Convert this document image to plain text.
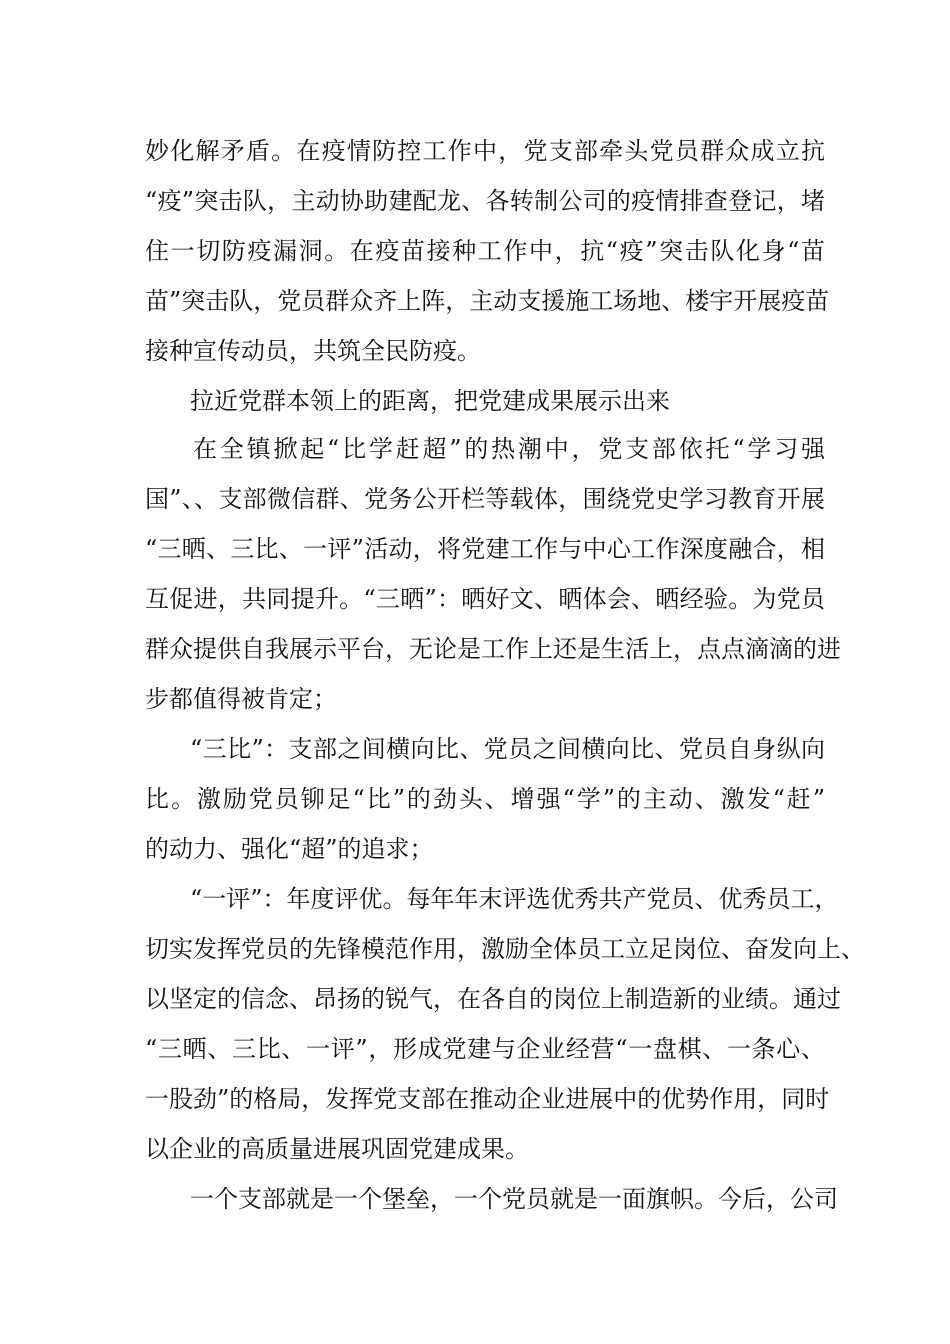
妙化解矛盾。在疫情防控工作中，党支部牵头党员群众成立抗
“疫”突击队，主动协助建配龙、各转制公司的疫情排查登记，堵
住一切防疫漏洞。在疫苗接种工作中，抗“疫”突击队化身“苗
苗”突击队，党员群众齐上阵，主动支援施工场地、楼宇开展疫苗
接种宣传动员，共筑全民防疫。
拉近党群本领上的距离，把党建成果展示出来
在全镇掀起“比学赶超”的热潮中，党支部依托“学习强
国”、、支部微信群、党务公开栏等载体，围绕党史学习教育开展
“三晒、三比、一评”活动，将党建工作与中心工作深度融合，相
互促进，共同提升。“三晒”：晒好文、晒体会、晒经验。为党员
群众提供自我展示平台，无论是工作上还是生活上，点点滴滴的进
步都值得被肯定；
“三比”：支部之间横向比、党员之间横向比、党员自身纵向
比。激励党员铆足“比”的劲头、增强“学”的主动、激发“赶”
的动力、强化“超”的追求；
“一评”：年度评优。每年年末评选优秀共产党员、优秀员工，
切实发挥党员的先锋模范作用，激励全体员工立足岗位、奋发向上、
以坚定的信念、昂扬的锐气，在各自的岗位上制造新的业绩。通过
“三晒、三比、一评”，形成党建与企业经营“一盘棋、一条心、
一股劲”的格局，发挥党支部在推动企业进展中的优势作用，同时
以企业的高质量进展巩固党建成果。
一个支部就是一个堡垒，一个党员就是一面旗帜。今后，公司
